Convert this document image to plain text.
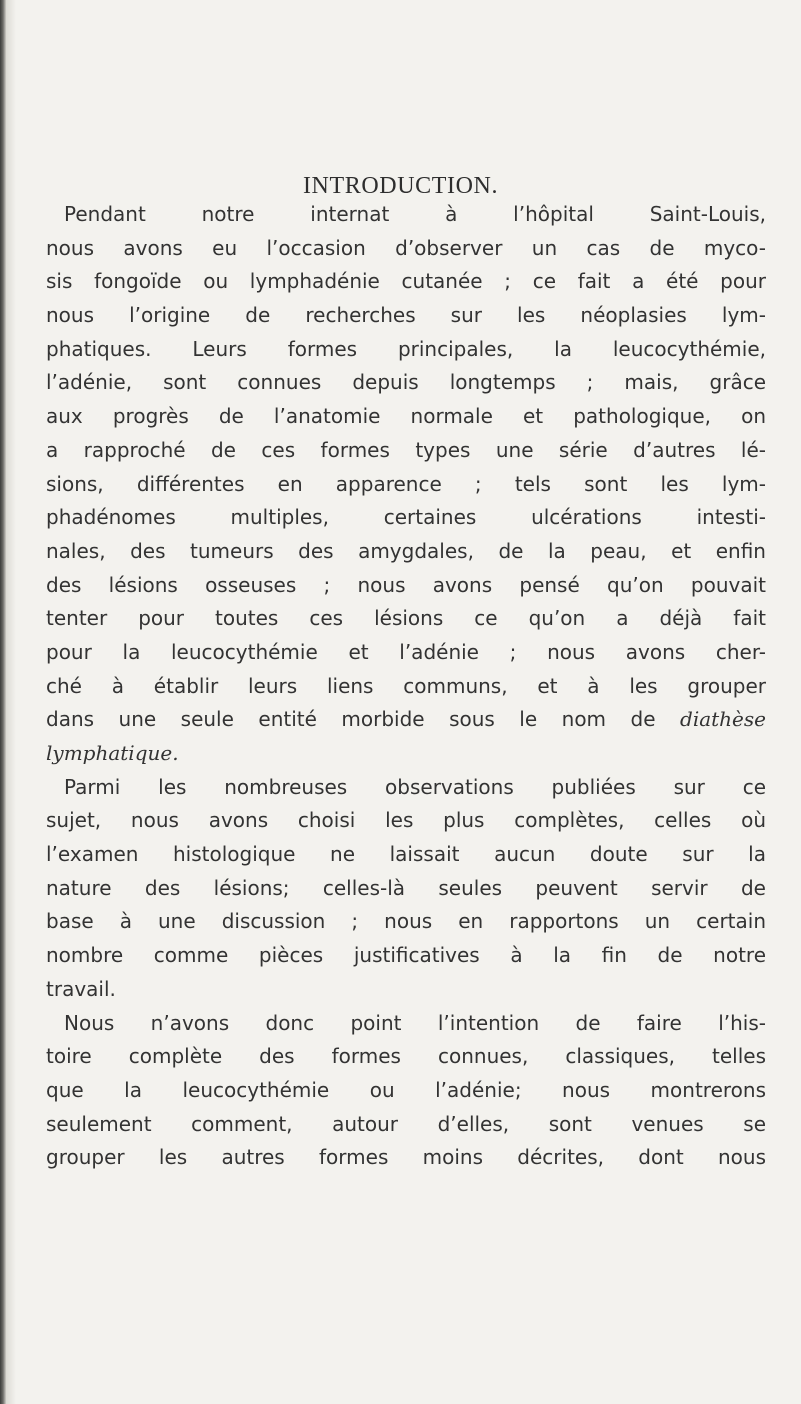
INTRODUCTION.
Pendant notre internat à l’hôpital Saint-Louis,
nous avons eu l’occasion d’observer un cas de myco-
sis fongoïde ou lymphadénie cutanée ; ce fait a été pour
nous l’origine de recherches sur les néoplasies lym-
phatiques. Leurs formes principales, la leucocythémie,
l’adénie, sont connues depuis longtemps ; mais, grâce
aux progrès de l’anatomie normale et pathologique, on
a rapproché de ces formes types une série d’autres lé-
sions, différentes en apparence ; tels sont les lym-
phadénomes multiples, certaines ulcérations intesti-
nales, des tumeurs des amygdales, de la peau, et enfin
des lésions osseuses ; nous avons pensé qu’on pouvait
tenter pour toutes ces lésions ce qu’on a déjà fait
pour la leucocythémie et l’adénie ; nous avons cher-
ché à établir leurs liens communs, et à les grouper
dans une seule entité morbide sous le nom de diathèse
lymphatique.
Parmi les nombreuses observations publiées sur ce
sujet, nous avons choisi les plus complètes, celles où
l’examen histologique ne laissait aucun doute sur la
nature des lésions; celles-là seules peuvent servir de
base à une discussion ; nous en rapportons un certain
nombre comme pièces justificatives à la fin de notre
travail.
Nous n’avons donc point l’intention de faire l’his-
toire complète des formes connues, classiques, telles
que la leucocythémie ou l’adénie; nous montrerons
seulement comment, autour d’elles, sont venues se
grouper les autres formes moins décrites, dont nous
